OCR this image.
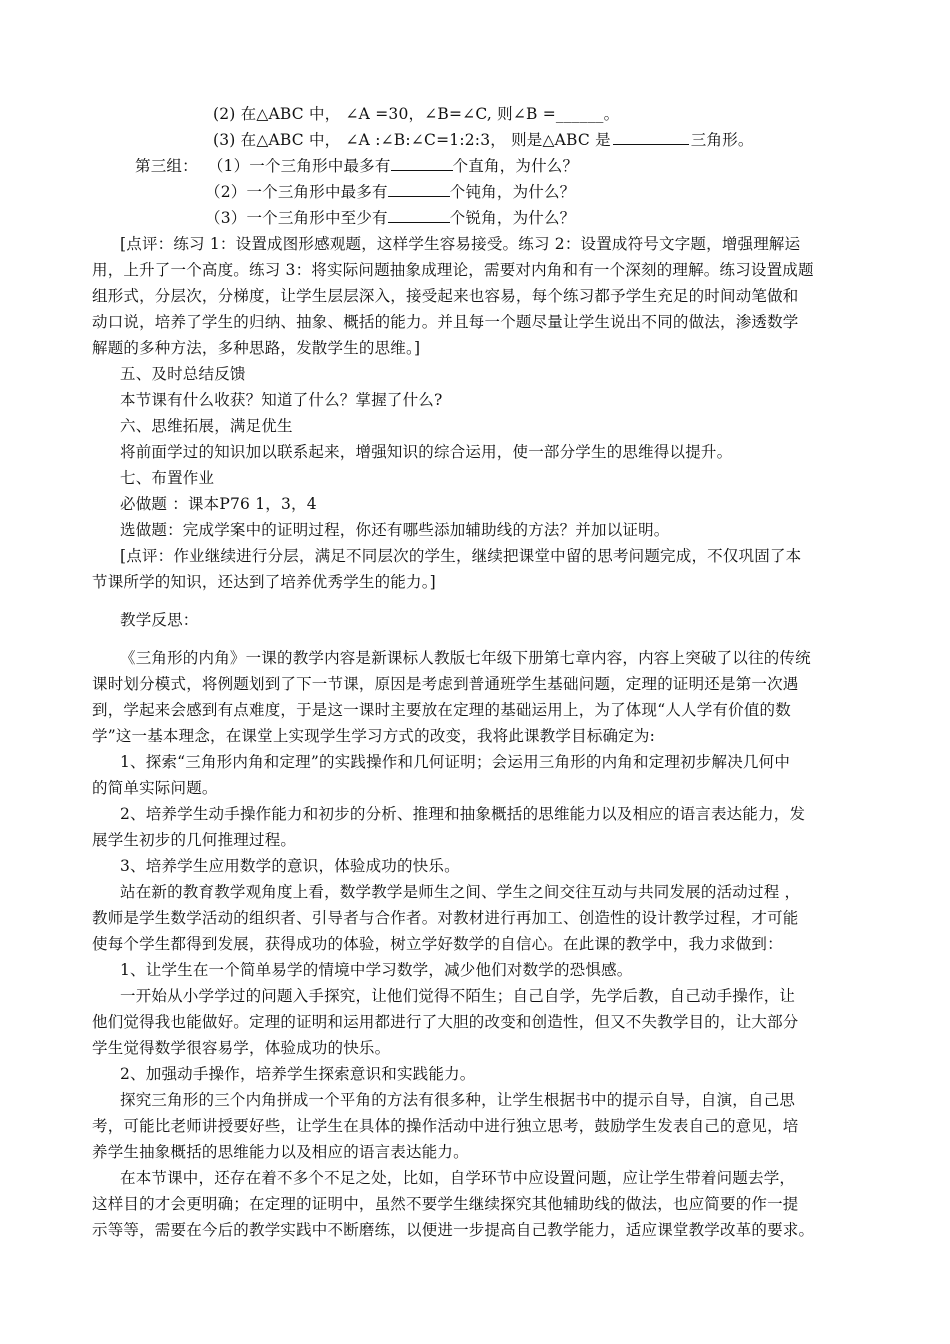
(2) 在△ABC 中， ∠A =30，∠B=∠C, 则∠B =______。
(3) 在△ABC 中， ∠A :∠B:∠C=1:2:3， 则是△ABC 是	三角形。
第三组： （1）一个三角形中最多有	个直角，为什么？
（2）一个三角形中最多有	个钝角，为什么？
（3）一个三角形中至少有	个锐角，为什么？
[点评：练习 1：设置成图形感观题，这样学生容易接受。练习 2：设置成符号文字题，增强理解运
用，上升了一个高度。练习 3：将实际问题抽象成理论，需要对内角和有一个深刻的理解。练习设置成题
组形式，分层次，分梯度，让学生层层深入，接受起来也容易，每个练习都予学生充足的时间动笔做和
动口说，培养了学生的归纳、抽象、概括的能力。并且每一个题尽量让学生说出不同的做法，渗透数学
解题的多种方法，多种思路，发散学生的思维。]
五、及时总结反馈
本节课有什么收获？知道了什么？掌握了什么?
六、思维拓展，满足优生
将前面学过的知识加以联系起来，增强知识的综合运用，使一部分学生的思维得以提升。
七、布置作业
必做题 ：课本P76 1，3，4
选做题：完成学案中的证明过程，你还有哪些添加辅助线的方法？并加以证明。
[点评：作业继续进行分层，满足不同层次的学生，继续把课堂中留的思考问题完成，不仅巩固了本
节课所学的知识，还达到了培养优秀学生的能力。]
教学反思：
《三角形的内角》一课的教学内容是新课标人教版七年级下册第七章内容，内容上突破了以往的传统
课时划分模式，将例题划到了下一节课，原因是考虑到普通班学生基础问题，定理的证明还是第一次遇
到，学起来会感到有点难度，于是这一课时主要放在定理的基础运用上，为了体现“人人学有价值的数
学”这一基本理念，在课堂上实现学生学习方式的改变，我将此课教学目标确定为:
1、探索“三角形内角和定理”的实践操作和几何证明；会运用三角形的内角和定理初步解决几何中
的简单实际问题。
2、培养学生动手操作能力和初步的分析、推理和抽象概括的思维能力以及相应的语言表达能力，发
展学生初步的几何推理过程。
3、培养学生应用数学的意识，体验成功的快乐。
站在新的教育教学观角度上看，数学教学是师生之间、学生之间交往互动与共同发展的活动过程 ，
教师是学生数学活动的组织者、引导者与合作者。对教材进行再加工、创造性的设计教学过程，才可能
使每个学生都得到发展，获得成功的体验，树立学好数学的自信心。在此课的教学中，我力求做到：
1、让学生在一个简单易学的情境中学习数学，减少他们对数学的恐惧感。
一开始从小学学过的问题入手探究，让他们觉得不陌生；自己自学，先学后教，自己动手操作，让
他们觉得我也能做好。定理的证明和运用都进行了大胆的改变和创造性，但又不失教学目的，让大部分
学生觉得数学很容易学，体验成功的快乐。
2、加强动手操作，培养学生探索意识和实践能力。
探究三角形的三个内角拼成一个平角的方法有很多种，让学生根据书中的提示自导，自演，自己思
考，可能比老师讲授要好些，让学生在具体的操作活动中进行独立思考，鼓励学生发表自己的意见，培
养学生抽象概括的思维能力以及相应的语言表达能力。
在本节课中，还存在着不多个不足之处，比如，自学环节中应设置问题，应让学生带着问题去学，
这样目的才会更明确；在定理的证明中，虽然不要学生继续探究其他辅助线的做法，也应简要的作一提
示等等，需要在今后的教学实践中不断磨练，以便进一步提高自己教学能力，适应课堂教学改革的要求。
